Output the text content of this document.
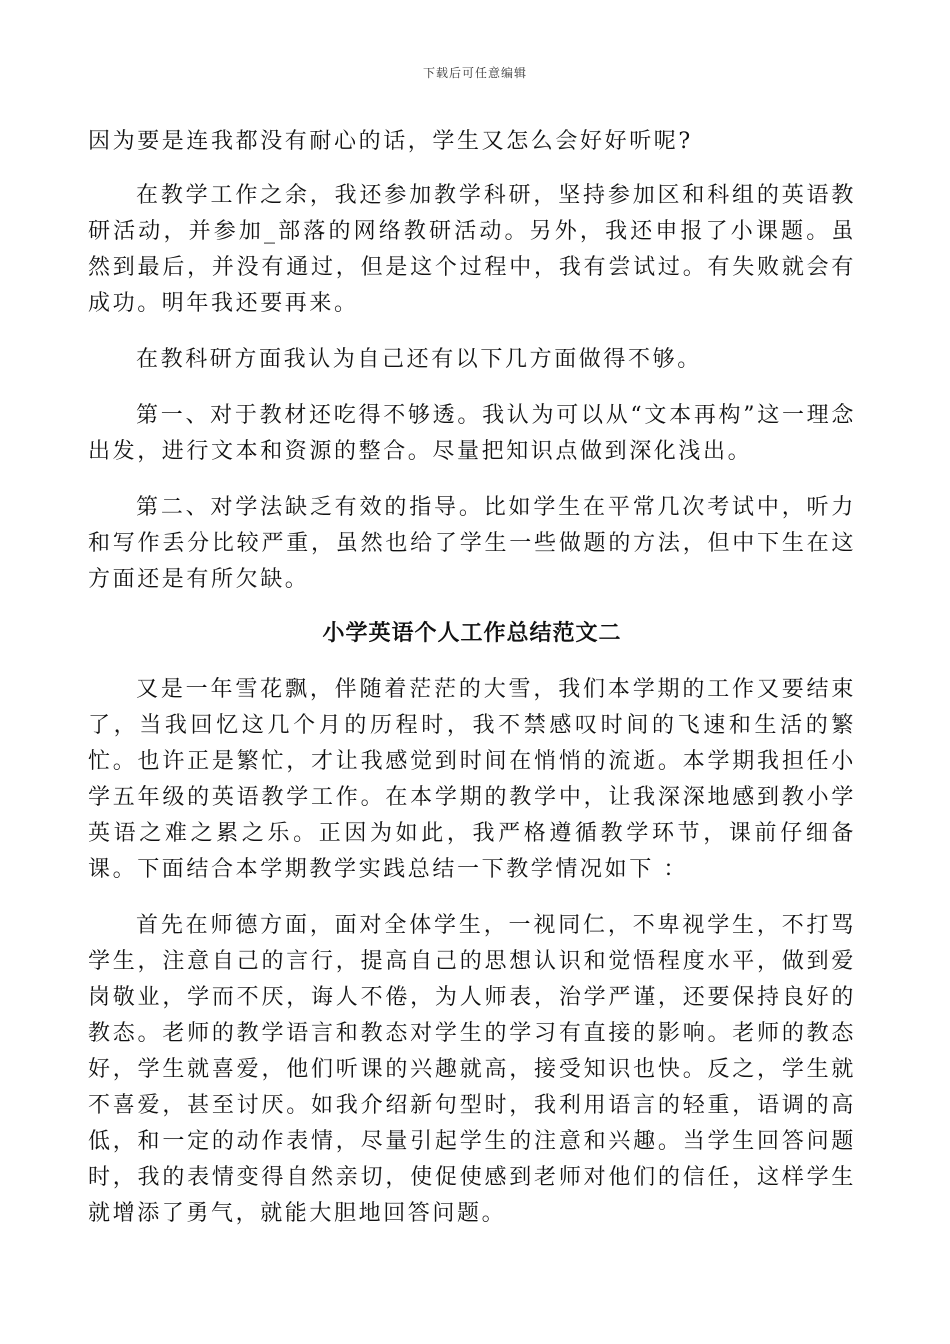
下载后可任意编辑

因为要是连我都没有耐心的话，学生又怎么会好好听呢?

在教学工作之余，我还参加教学科研，坚持参加区和科组的英语教研活动，并参加_部落的网络教研活动。另外，我还申报了小课题。虽然到最后，并没有通过，但是这个过程中，我有尝试过。有失败就会有成功。明年我还要再来。

在教科研方面我认为自己还有以下几方面做得不够。

第一、对于教材还吃得不够透。我认为可以从“文本再构”这一理念出发，进行文本和资源的整合。尽量把知识点做到深化浅出。

第二、对学法缺乏有效的指导。比如学生在平常几次考试中，听力和写作丢分比较严重，虽然也给了学生一些做题的方法，但中下生在这方面还是有所欠缺。

小学英语个人工作总结范文二

又是一年雪花飘，伴随着茫茫的大雪，我们本学期的工作又要结束了，当我回忆这几个月的历程时，我不禁感叹时间的飞速和生活的繁忙。也许正是繁忙，才让我感觉到时间在悄悄的流逝。本学期我担任小学五年级的英语教学工作。在本学期的教学中，让我深深地感到教小学英语之难之累之乐。正因为如此，我严格遵循教学环节，课前仔细备课。下面结合本学期教学实践总结一下教学情况如下 ：

首先在师德方面，面对全体学生，一视同仁，不卑视学生，不打骂学生，注意自己的言行，提高自己的思想认识和觉悟程度水平，做到爱岗敬业，学而不厌，诲人不倦，为人师表，治学严谨，还要保持良好的教态。老师的教学语言和教态对学生的学习有直接的影响。老师的教态好，学生就喜爱，他们听课的兴趣就高，接受知识也快。反之，学生就不喜爱，甚至讨厌。如我介绍新句型时，我利用语言的轻重，语调的高低，和一定的动作表情，尽量引起学生的注意和兴趣。当学生回答问题时，我的表情变得自然亲切，使促使感到老师对他们的信任，这样学生就增添了勇气，就能大胆地回答问题。
